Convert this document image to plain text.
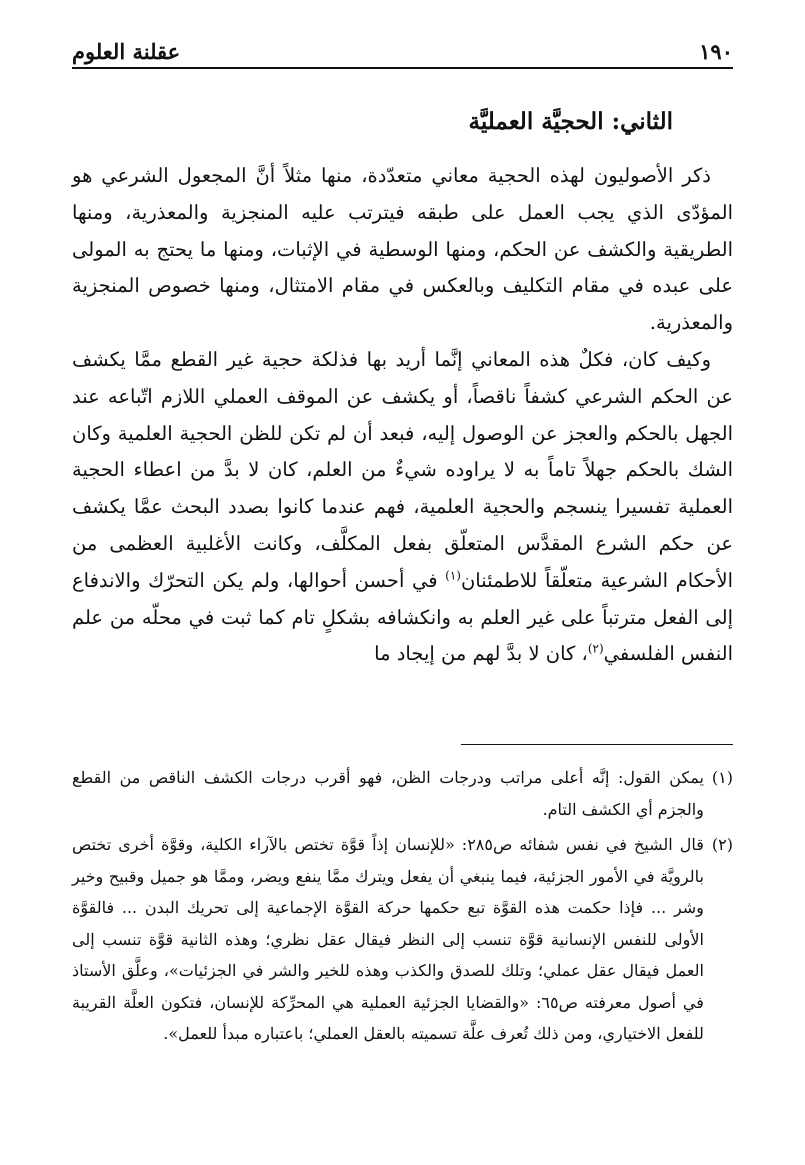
١٩٠
عقلنة العلوم
الثاني: الحجيَّة العمليَّة

ذكر الأصوليون لهذه الحجية معاني متعدّدة، منها مثلاً أنَّ المجعول الشرعي هو المؤدّى الذي يجب العمل على طبقه فيترتب عليه المنجزية والمعذرية، ومنها الطريقية والكشف عن الحكم، ومنها الوسطية في الإثبات، ومنها ما يحتج به المولى على عبده في مقام التكليف وبالعكس في مقام الامتثال، ومنها خصوص المنجزية والمعذرية.

وكيف كان، فكلٌ هذه المعاني إنَّما أريد بها فذلكة حجية غير القطع ممَّا يكشف عن الحكم الشرعي كشفاً ناقصاً، أو يكشف عن الموقف العملي اللازم اتّباعه عند الجهل بالحكم والعجز عن الوصول إليه، فبعد أن لم تكن للظن الحجية العلمية وكان الشك بالحكم جهلاً تاماً به لا يراوده شيءٌ من العلم، كان لا بدَّ من اعطاء الحجية العملية تفسيرا ينسجم والحجية العلمية، فهم عندما كانوا بصدد البحث عمَّا يكشف عن حكم الشرع المقدَّس المتعلّق بفعل المكلَّف، وكانت الأغلبية العظمى من الأحكام الشرعية متعلّقاً للاطمئنان$^{(١)}$ في أحسن أحوالها، ولم يكن التحرّك والاندفاع إلى الفعل مترتباً على غير العلم به وانكشافه بشكلٍ تام كما ثبت في محلّه من علم النفس الفلسفي$^{(٢)}$، كان لا بدَّ لهم من إيجاد ما

(١)
يمكن القول: إنَّه أعلى مراتب ودرجات الظن، فهو أقرب درجات الكشف الناقص من القطع والجزم أي الكشف التام.
(٢)
قال الشيخ في نفس شفائه ص٢٨٥: «للإنسان إذاً قوَّة تختص بالآراء الكلية، وقوَّة أخرى تختص بالرويَّة في الأمور الجزئية، فيما ينبغي أن يفعل ويترك ممَّا ينفع ويضر، وممَّا هو جميل وقبيح وخير وشر ... فإذا حكمت هذه القوَّة تبع حكمها حركة القوَّة الإجماعية إلى تحريك البدن ... فالقوَّة الأولى للنفس الإنسانية قوَّة تنسب إلى النظر فيقال عقل نظري؛ وهذه الثانية قوَّة تنسب إلى العمل فيقال عقل عملي؛ وتلك للصدق والكذب وهذه للخير والشر في الجزئيات»، وعلَّق الأستاذ في أصول معرفته ص٦٥: «والقضايا الجزئية العملية هي المحرِّكة للإنسان، فتكون العلَّة القريبة للفعل الاختياري، ومن ذلك تُعرف علَّة تسميته بالعقل العملي؛ باعتباره مبدأ للعمل».
